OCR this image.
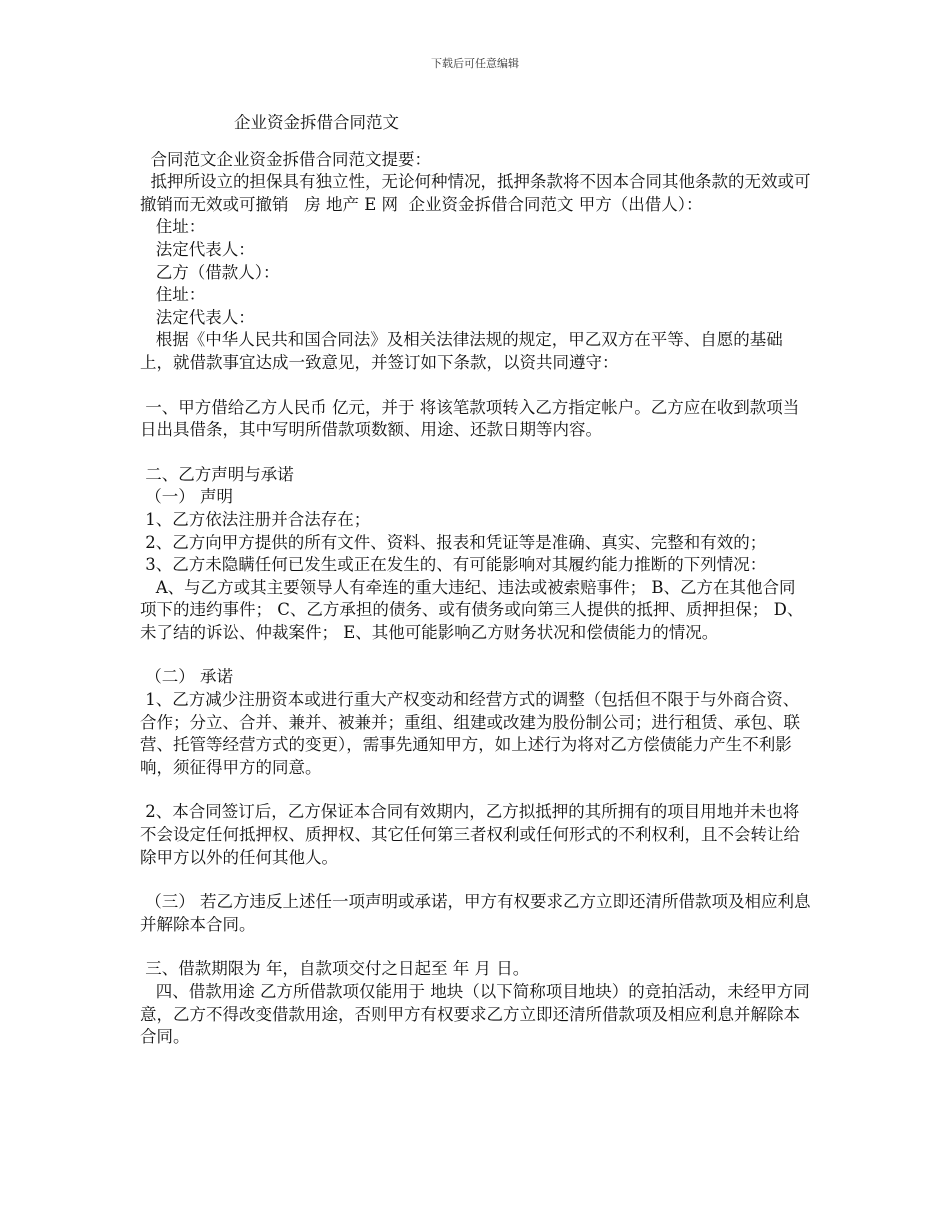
下载后可任意编辑
企业资金拆借合同范文

合同范文企业资金拆借合同范文提要：

抵押所设立的担保具有独立性，无论何种情况，抵押条款将不因本合同其他条款的无效或可撤销而无效或可撤销   房 地产 E 网  企业资金拆借合同范文 甲方（出借人）：

住址：

法定代表人：

乙方（借款人）：

住址：

法定代表人：

根据《中华人民共和国合同法》及相关法律法规的规定，甲乙双方在平等、自愿的基础上，就借款事宜达成一致意见，并签订如下条款，以资共同遵守：

一、甲方借给乙方人民币 亿元，并于 将该笔款项转入乙方指定帐户。乙方应在收到款项当日出具借条，其中写明所借款项数额、用途、还款日期等内容。

二、乙方声明与承诺

（一） 声明

1、乙方依法注册并合法存在；

2、乙方向甲方提供的所有文件、资料、报表和凭证等是准确、真实、完整和有效的；

3、乙方未隐瞒任何已发生或正在发生的、有可能影响对其履约能力推断的下列情况：

A、与乙方或其主要领导人有牵连的重大违纪、违法或被索赔事件； B、乙方在其他合同项下的违约事件； C、乙方承担的债务、或有债务或向第三人提供的抵押、质押担保； D、未了结的诉讼、仲裁案件； E、其他可能影响乙方财务状况和偿债能力的情况。

（二） 承诺

1、乙方减少注册资本或进行重大产权变动和经营方式的调整（包括但不限于与外商合资、合作；分立、合并、兼并、被兼并；重组、组建或改建为股份制公司；进行租赁、承包、联营、托管等经营方式的变更），需事先通知甲方，如上述行为将对乙方偿债能力产生不利影响，须征得甲方的同意。

2、本合同签订后，乙方保证本合同有效期内，乙方拟抵押的其所拥有的项目用地并未也将不会设定任何抵押权、质押权、其它任何第三者权利或任何形式的不利权利，且不会转让给除甲方以外的任何其他人。

（三） 若乙方违反上述任一项声明或承诺，甲方有权要求乙方立即还清所借款项及相应利息并解除本合同。

三、借款期限为 年，自款项交付之日起至 年 月 日。

四、借款用途 乙方所借款项仅能用于 地块（以下简称项目地块）的竞拍活动，未经甲方同意，乙方不得改变借款用途，否则甲方有权要求乙方立即还清所借款项及相应利息并解除本合同。
